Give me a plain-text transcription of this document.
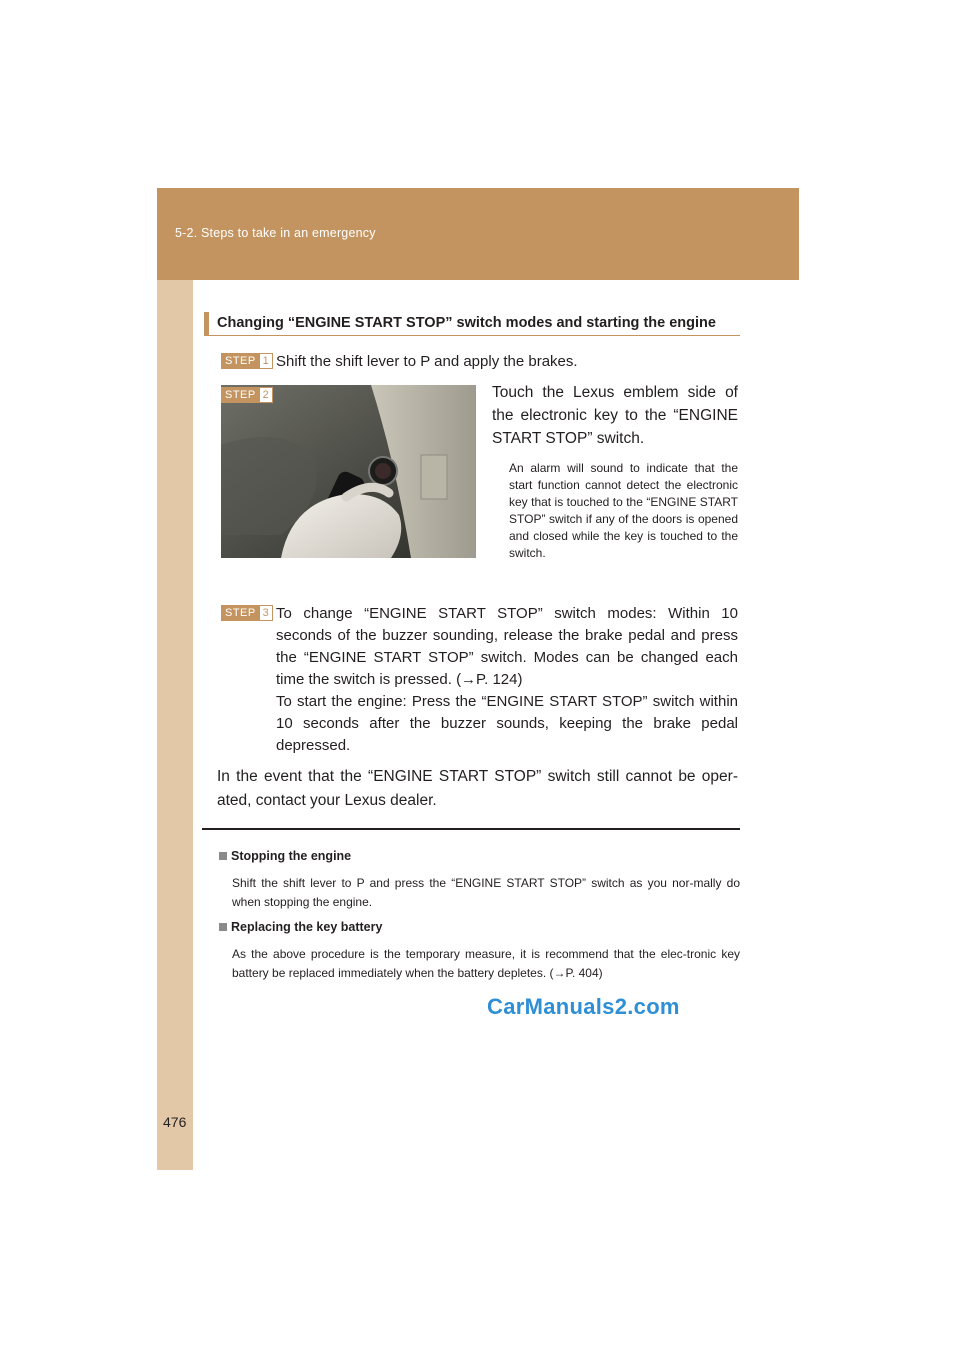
5-2. Steps to take in an emergency
Changing “ENGINE START STOP” switch modes and starting the engine
STEP 1 Shift the shift lever to P and apply the brakes.
STEP 2	Touch the Lexus emblem side of the electronic key to the “ENGINE START STOP” switch.
An alarm will sound to indicate that the start function cannot detect the electronic key that is touched to the “ENGINE START STOP” switch if any of the doors is opened and closed while the key is touched to the switch.
STEP 3 To change “ENGINE START STOP” switch modes: Within 10 seconds of the buzzer sounding, release the brake pedal and press the “ENGINE START STOP” switch. Modes can be changed each time the switch is pressed. (→P. 124)
To start the engine: Press the “ENGINE START STOP” switch within 10 seconds after the buzzer sounds, keeping the brake pedal depressed.
In the event that the “ENGINE START STOP” switch still cannot be oper-ated, contact your Lexus dealer.
Stopping the engine
Shift the shift lever to P and press the “ENGINE START STOP” switch as you nor-mally do when stopping the engine.
Replacing the key battery
As the above procedure is the temporary measure, it is recommend that the elec-tronic key battery be replaced immediately when the battery depletes. (→P. 404)
CarManuals2.com
476
